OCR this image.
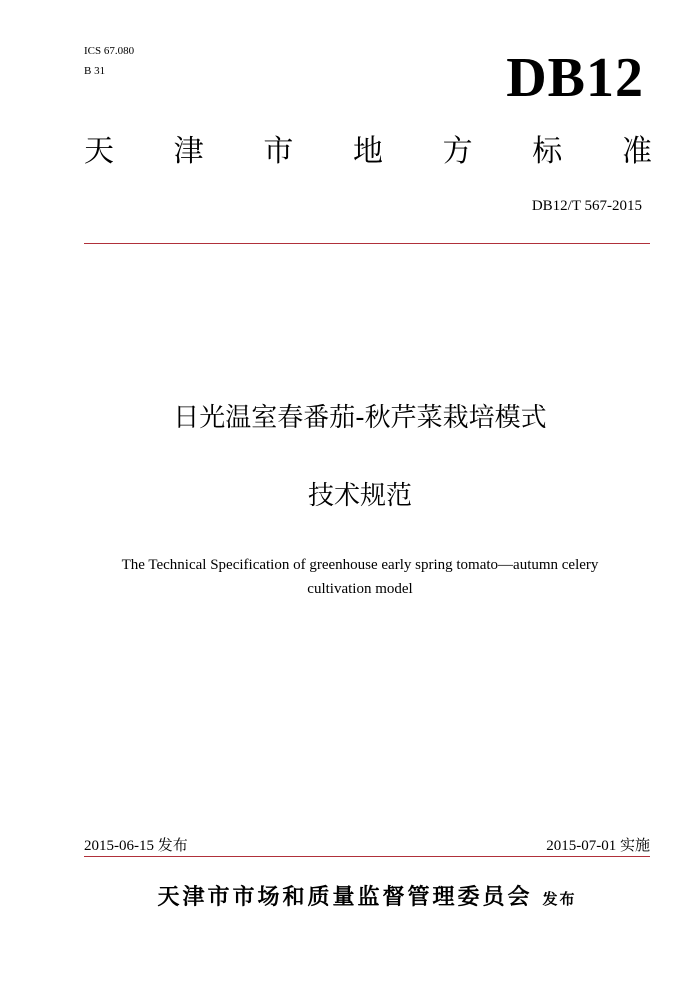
ICS 67.080
B 31	DB12
天 津 市 地 方 标 准
DB12/T 567-2015
日光温室春番茄-秋芹菜栽培模式
技术规范
The Technical Specification of greenhouse early spring tomato—autumn celery cultivation model
2015-06-15 发布	2015-07-01 实施
天津市市场和质量监督管理委员会 发布
